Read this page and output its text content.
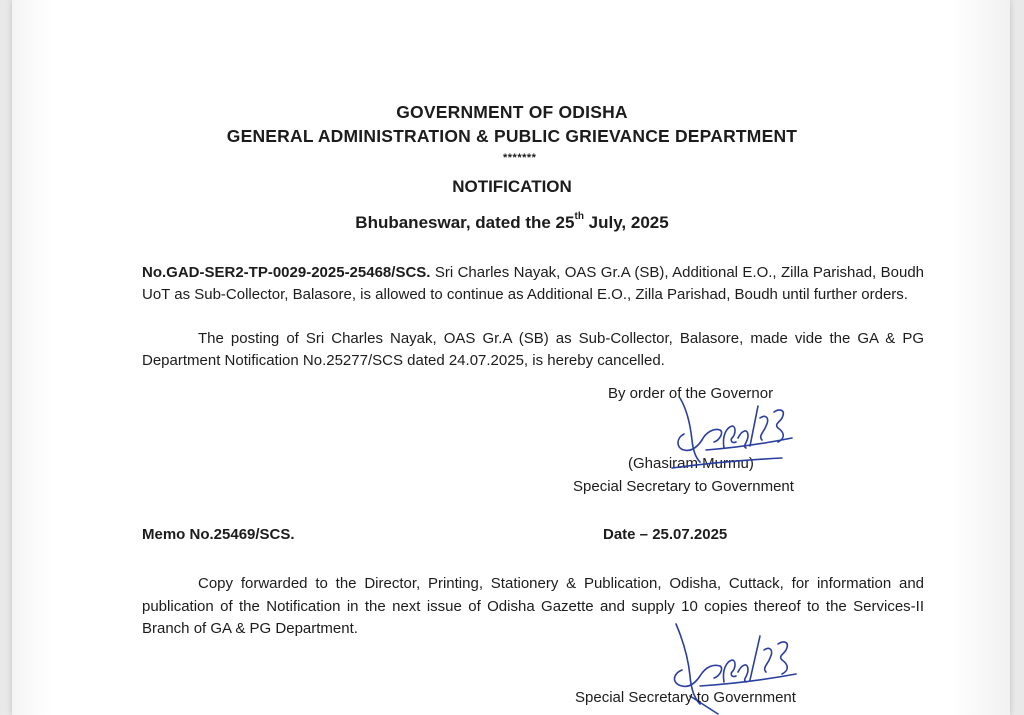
GOVERNMENT OF ODISHA
GENERAL ADMINISTRATION & PUBLIC GRIEVANCE DEPARTMENT
*******
NOTIFICATION
Bhubaneswar, dated the 25th July, 2025
No.GAD-SER2-TP-0029-2025-25468/SCS. Sri Charles Nayak, OAS Gr.A (SB), Additional E.O., Zilla Parishad, Boudh UoT as Sub-Collector, Balasore, is allowed to continue as Additional E.O., Zilla Parishad, Boudh until further orders.
The posting of Sri Charles Nayak, OAS Gr.A (SB) as Sub-Collector, Balasore, made vide the GA & PG Department Notification No.25277/SCS dated 24.07.2025, is hereby cancelled.
By order of the Governor
(Ghasiram Murmu)
Special Secretary to Government
Memo No.25469/SCS.	Date – 25.07.2025
Copy forwarded to the Director, Printing, Stationery & Publication, Odisha, Cuttack, for information and publication of the Notification in the next issue of Odisha Gazette and supply 10 copies thereof to the Services-II Branch of GA & PG Department.
Special Secretary to Government
